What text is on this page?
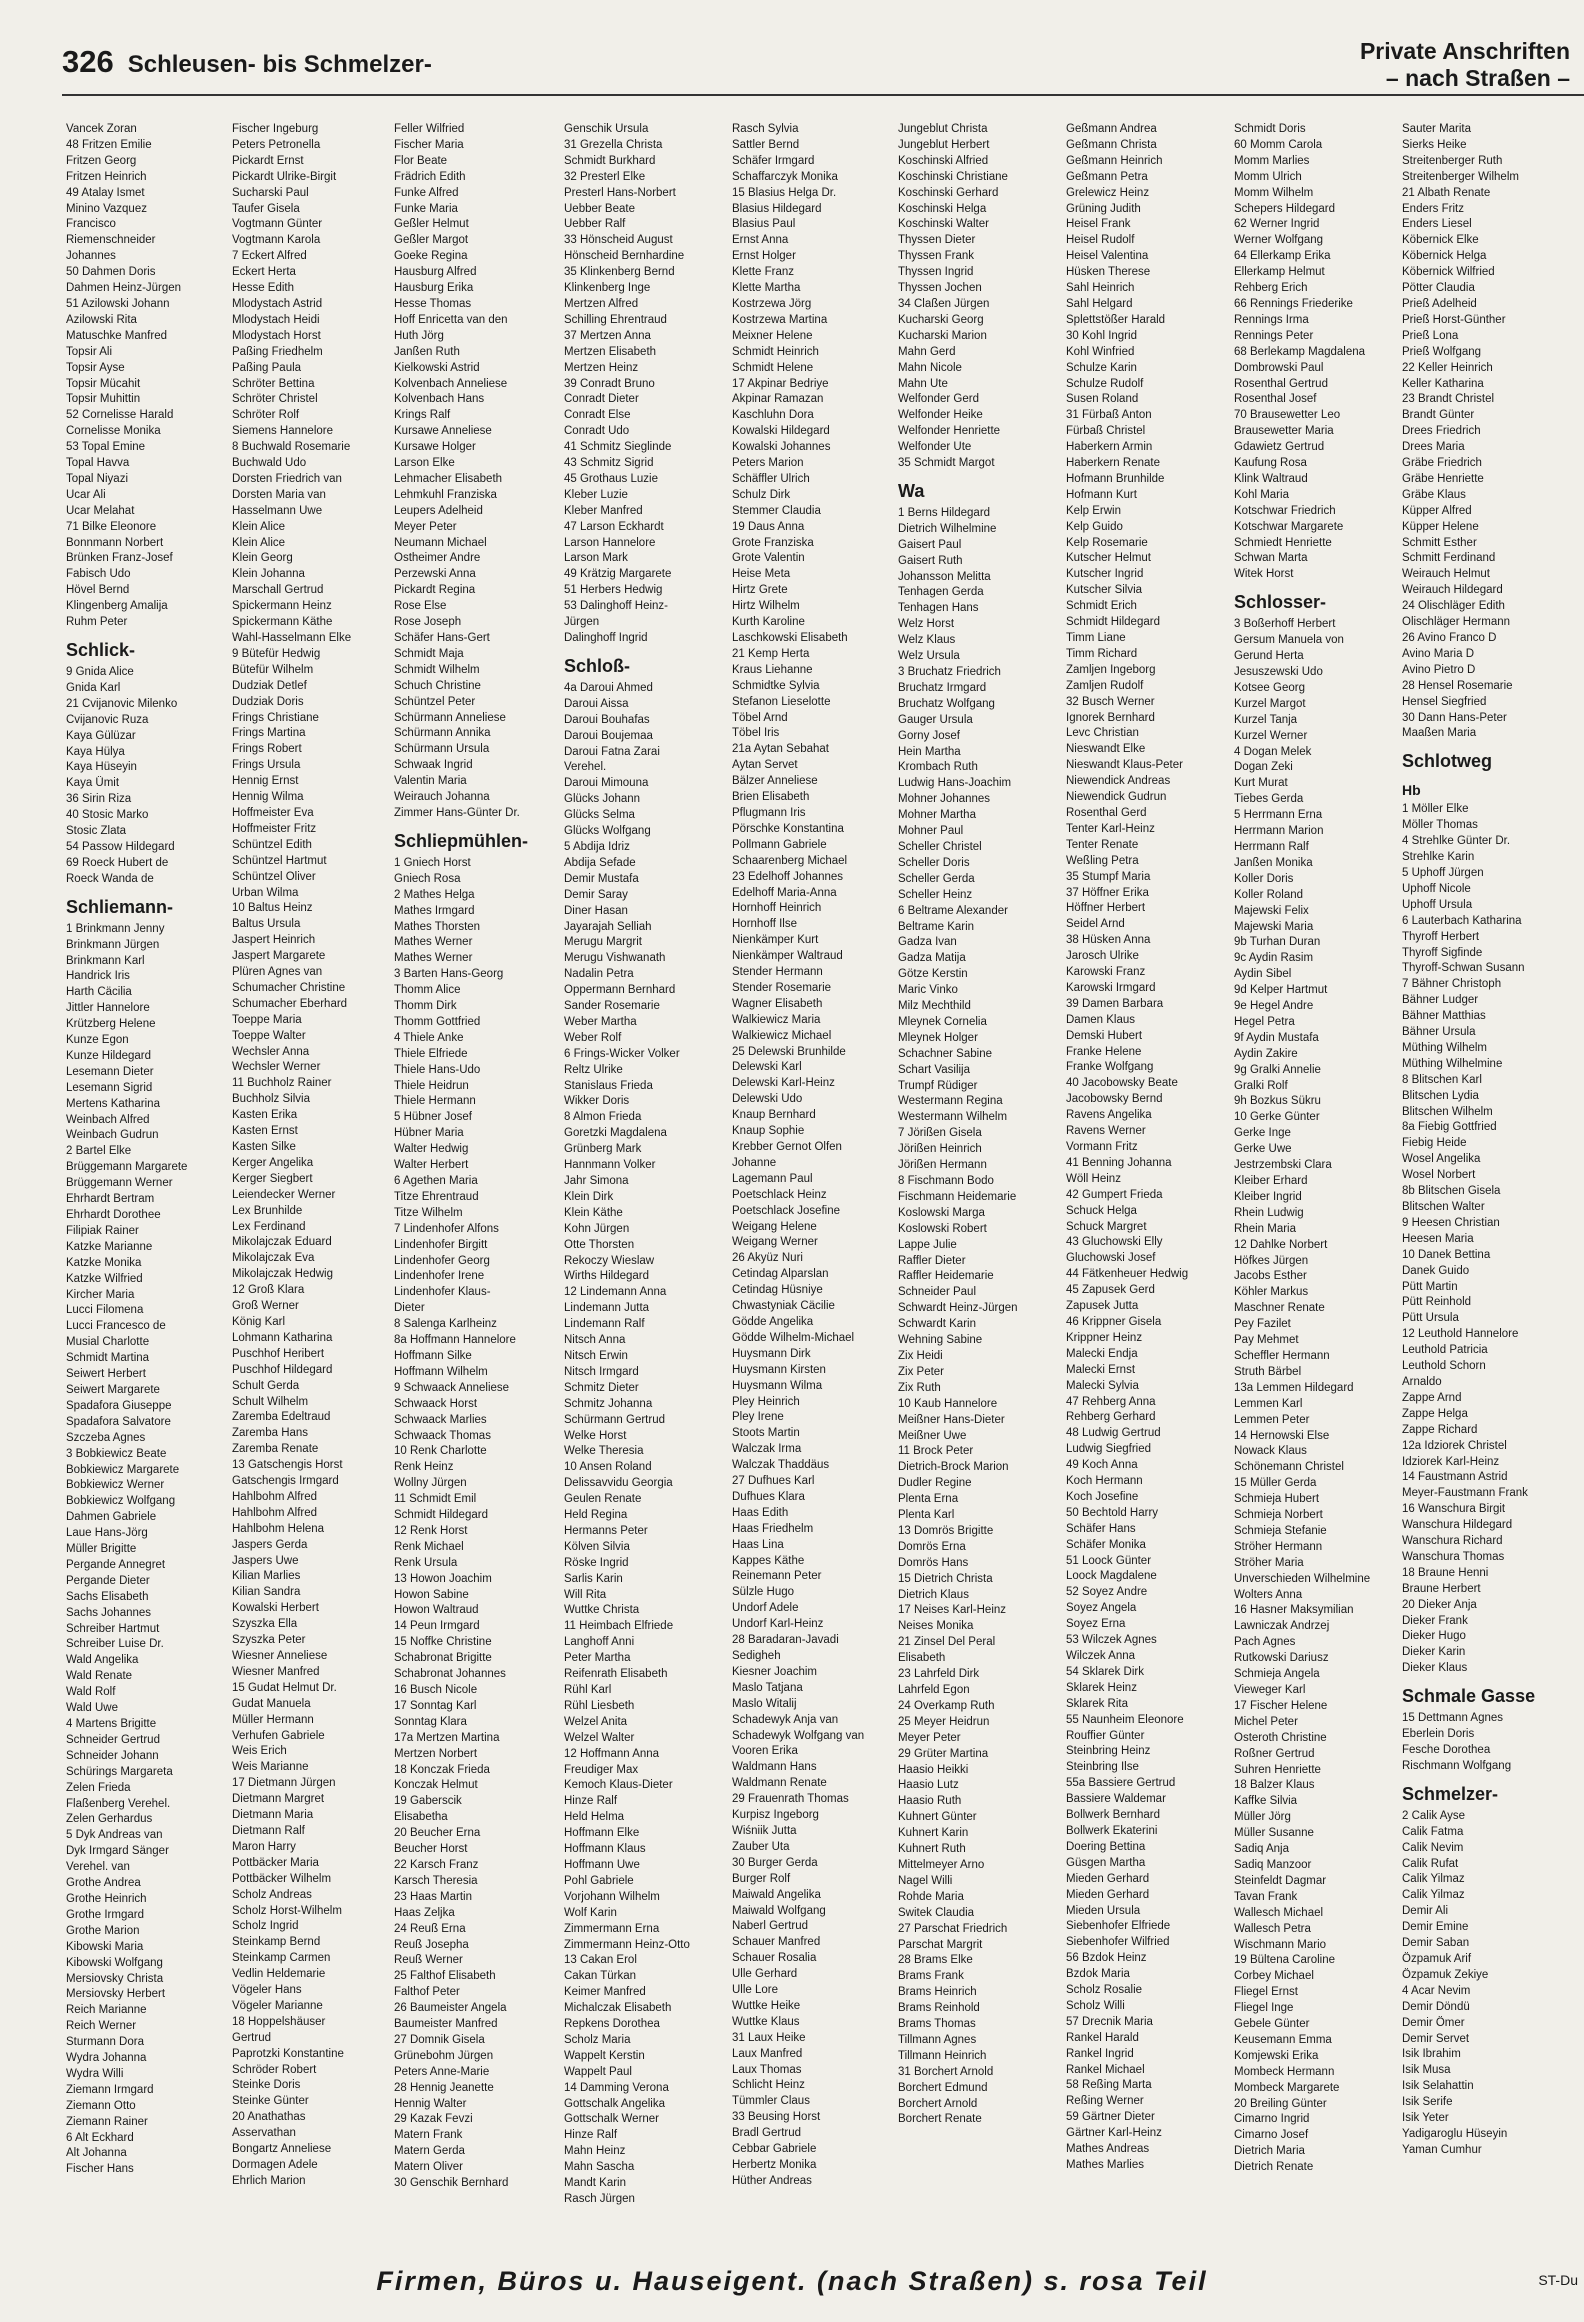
326 Schleusen- bis Schmelzer-	Private Anschriften
– nach Straßen –
Vancek Zoran
48 Fritzen Emilie
Fritzen Georg
Fritzen Heinrich
49 Atalay Ismet
Minino Vazquez
Francisco
Riemenschneider
Johannes
50 Dahmen Doris
Dahmen Heinz-Jürgen
51 Azilowski Johann
Azilowski Rita
Matuschke Manfred
Topsir Ali
Topsir Ayse
Topsir Mücahit
Topsir Muhittin
52 Cornelisse Harald
Cornelisse Monika
53 Topal Emine
Topal Havva
Topal Niyazi
Ucar Ali
Ucar Melahat
71 Bilke Eleonore
Bonnmann Norbert
Brünken Franz-Josef
Fabisch Udo
Hövel Bernd
Klingenberg Amalija
Ruhm Peter
Schlick-
9 Gnida Alice
Gnida Karl
21 Cvijanovic Milenko
Cvijanovic Ruza
Kaya Gülüzar
Kaya Hülya
Kaya Hüseyin
Kaya Ümit
36 Sirin Riza
40 Stosic Marko
Stosic Zlata
54 Passow Hildegard
69 Roeck Hubert de
Roeck Wanda de
Schliemann-
1 Brinkmann Jenny
Brinkmann Jürgen
Brinkmann Karl
Handrick Iris
Harth Cäcilia
Jittler Hannelore
Krützberg Helene
Kunze Egon
Kunze Hildegard
Lesemann Dieter
Lesemann Sigrid
Mertens Katharina
Weinbach Alfred
Weinbach Gudrun
2 Bartel Elke
Brüggemann Margarete
Brüggemann Werner
Ehrhardt Bertram
Ehrhardt Dorothee
Filipiak Rainer
Katzke Marianne
Katzke Monika
Katzke Wilfried
Kircher Maria
Lucci Filomena
Lucci Francesco de
Musial Charlotte
Schmidt Martina
Seiwert Herbert
Seiwert Margarete
Spadafora Giuseppe
Spadafora Salvatore
Szczeba Agnes
3 Bobkiewicz Beate
Bobkiewicz Margarete
Bobkiewicz Werner
Bobkiewicz Wolfgang
Dahmen Gabriele
Laue Hans-Jörg
Müller Brigitte
Pergande Annegret
Pergande Dieter
Sachs Elisabeth
Sachs Johannes
Schreiber Hartmut
Schreiber Luise Dr.
Wald Angelika
Wald Renate
Wald Rolf
Wald Uwe
4 Martens Brigitte
Schneider Gertrud
Schneider Johann
Schürings Margareta
Zelen Frieda
Flaßenberg Verehel.
Zelen Gerhardus
5 Dyk Andreas van
Dyk Irmgard Sänger
Verehel. van
Grothe Andrea
Grothe Heinrich
Grothe Irmgard
Grothe Marion
Kibowski Maria
Kibowski Wolfgang
Mersiovsky Christa
Mersiovsky Herbert
Reich Marianne
Reich Werner
Sturmann Dora
Wydra Johanna
Wydra Willi
Ziemann Irmgard
Ziemann Otto
Ziemann Rainer
6 Alt Eckhard
Alt Johanna
Fischer Hans
Fischer Ingeburg
Peters Petronella
Pickardt Ernst
Pickardt Ulrike-Birgit
Sucharski Paul
Taufer Gisela
Vogtmann Günter
Vogtmann Karola
7 Eckert Alfred
Eckert Herta
Hesse Edith
Mlodystach Astrid
Mlodystach Heidi
Mlodystach Horst
Paßing Friedhelm
Paßing Paula
Schröter Bettina
Schröter Christel
Schröter Rolf
Siemens Hannelore
8 Buchwald Rosemarie
Buchwald Udo
Dorsten Friedrich van
Dorsten Maria van
Hasselmann Uwe
Klein Alice
Klein Alice
Klein Georg
Klein Johanna
Marschall Gertrud
Spickermann Heinz
Spickermann Käthe
Wahl-Hasselmann Elke
9 Bütefür Hedwig
Bütefür Wilhelm
Dudziak Detlef
Dudziak Doris
Frings Christiane
Frings Martina
Frings Robert
Frings Ursula
Hennig Ernst
Hennig Wilma
Hoffmeister Eva
Hoffmeister Fritz
Schüntzel Edith
Schüntzel Hartmut
Schüntzel Oliver
Urban Wilma
10 Baltus Heinz
Baltus Ursula
Jaspert Heinrich
Jaspert Margarete
Plüren Agnes van
Schumacher Christine
Schumacher Eberhard
Toeppe Maria
Toeppe Walter
Wechsler Anna
Wechsler Werner
11 Buchholz Rainer
Buchholz Silvia
Kasten Erika
Kasten Ernst
Kasten Silke
Kerger Angelika
Kerger Siegbert
Leiendecker Werner
Lex Brunhilde
Lex Ferdinand
Mikolajczak Eduard
Mikolajczak Eva
Mikolajczak Hedwig
12 Groß Klara
Groß Werner
König Karl
Lohmann Katharina
Puschhof Heribert
Puschhof Hildegard
Schult Gerda
Schult Wilhelm
Zaremba Edeltraud
Zaremba Hans
Zaremba Renate
13 Gatschengis Horst
Gatschengis Irmgard
Hahlbohm Alfred
Hahlbohm Alfred
Hahlbohm Helena
Jaspers Gerda
Jaspers Uwe
Kilian Marlies
Kilian Sandra
Kowalski Herbert
Szyszka Ella
Szyszka Peter
Wiesner Anneliese
Wiesner Manfred
15 Gudat Helmut Dr.
Gudat Manuela
Müller Hermann
Verhufen Gabriele
Weis Erich
Weis Marianne
17 Dietmann Jürgen
Dietmann Margret
Dietmann Maria
Dietmann Ralf
Maron Harry
Pottbäcker Maria
Pottbäcker Wilhelm
Scholz Andreas
Scholz Horst-Wilhelm
Scholz Ingrid
Steinkamp Bernd
Steinkamp Carmen
Vedlin Heldemarie
Vögeler Hans
Vögeler Marianne
18 Hoppelshäuser
Gertrud
Paprotzki Konstantine
Schröder Robert
Steinke Doris
Steinke Günter
20 Anathathas
Asservathan
Bongartz Anneliese
Dormagen Adele
Ehrlich Marion
Feller Wilfried
Fischer Maria
Flor Beate
Frädrich Edith
Funke Alfred
Funke Maria
Geßler Helmut
Geßler Margot
Goeke Regina
Hausburg Alfred
Hausburg Erika
Hesse Thomas
Hoff Enricetta van den
Huth Jörg
Janßen Ruth
Kielkowski Astrid
Kolvenbach Anneliese
Kolvenbach Hans
Krings Ralf
Kursawe Anneliese
Kursawe Holger
Larson Elke
Lehmacher Elisabeth
Lehmkuhl Franziska
Leupers Adelheid
Meyer Peter
Neumann Michael
Ostheimer Andre
Perzewski Anna
Pickardt Regina
Rose Else
Rose Joseph
Schäfer Hans-Gert
Schmidt Maja
Schmidt Wilhelm
Schuch Christine
Schüntzel Peter
Schürmann Anneliese
Schürmann Annika
Schürmann Ursula
Schwaak Ingrid
Valentin Maria
Weirauch Johanna
Zimmer Hans-Günter Dr.
Schliepmühlen-
1 Gniech Horst
Gniech Rosa
2 Mathes Helga
Mathes Irmgard
Mathes Thorsten
Mathes Werner
Mathes Werner
3 Barten Hans-Georg
Thomm Alice
Thomm Dirk
Thomm Gottfried
4 Thiele Anke
Thiele Elfriede
Thiele Hans-Udo
Thiele Heidrun
Thiele Hermann
5 Hübner Josef
Hübner Maria
Walter Hedwig
Walter Herbert
6 Agethen Maria
Titze Ehrentraud
Titze Wilhelm
7 Lindenhofer Alfons
Lindenhofer Birgitt
Lindenhofer Georg
Lindenhofer Irene
Lindenhofer Klaus-
Dieter
8 Salenga Karlheinz
8a Hoffmann Hannelore
Hoffmann Silke
Hoffmann Wilhelm
9 Schwaack Anneliese
Schwaack Horst
Schwaack Marlies
Schwaack Thomas
10 Renk Charlotte
Renk Heinz
Wollny Jürgen
11 Schmidt Emil
Schmidt Hildegard
12 Renk Horst
Renk Michael
Renk Ursula
13 Howon Joachim
Howon Sabine
Howon Waltraud
14 Peun Irmgard
15 Noffke Christine
Schabronat Brigitte
Schabronat Johannes
16 Busch Nicole
17 Sonntag Karl
Sonntag Klara
17a Mertzen Martina
Mertzen Norbert
18 Konczak Frieda
Konczak Helmut
19 Gaberscik
Elisabetha
20 Beucher Erna
Beucher Horst
22 Karsch Franz
Karsch Theresia
23 Haas Martin
Haas Zeljka
24 Reuß Erna
Reuß Josepha
Reuß Werner
25 Falthof Elisabeth
Falthof Peter
26 Baumeister Angela
Baumeister Manfred
27 Domnik Gisela
Grünebohm Jürgen
Peters Anne-Marie
28 Hennig Jeanette
Hennig Walter
29 Kazak Fevzi
Matern Frank
Matern Gerda
Matern Oliver
30 Genschik Bernhard
Genschik Ursula
31 Grezella Christa
Schmidt Burkhard
32 Presterl Elke
Presterl Hans-Norbert
Uebber Beate
Uebber Ralf
33 Hönscheid August
Hönscheid Bernhardine
35 Klinkenberg Bernd
Klinkenberg Inge
Mertzen Alfred
Schilling Ehrentraud
37 Mertzen Anna
Mertzen Elisabeth
Mertzen Heinz
39 Conradt Bruno
Conradt Dieter
Conradt Else
Conradt Udo
41 Schmitz Sieglinde
43 Schmitz Sigrid
45 Grothaus Luzie
Kleber Luzie
Kleber Manfred
47 Larson Eckhardt
Larson Hannelore
Larson Mark
49 Krätzig Margarete
51 Herbers Hedwig
53 Dalinghoff Heinz-
Jürgen
Dalinghoff Ingrid
Schloß-
4a Daroui Ahmed
Daroui Aissa
Daroui Bouhafas
Daroui Boujemaa
Daroui Fatna Zarai
Verehel.
Daroui Mimouna
Glücks Johann
Glücks Selma
Glücks Wolfgang
5 Abdija Idriz
Abdija Sefade
Demir Mustafa
Demir Saray
Diner Hasan
Jayarajah Selliah
Merugu Margrit
Merugu Vishwanath
Nadalin Petra
Oppermann Bernhard
Sander Rosemarie
Weber Martha
Weber Rolf
6 Frings-Wicker Volker
Reltz Ulrike
Stanislaus Frieda
Wikker Doris
8 Almon Frieda
Goretzki Magdalena
Grünberg Mark
Hannmann Volker
Jahr Simona
Klein Dirk
Klein Käthe
Kohn Jürgen
Otte Thorsten
Rekoczy Wieslaw
Wirths Hildegard
12 Lindemann Anna
Lindemann Jutta
Lindemann Ralf
Nitsch Anna
Nitsch Erwin
Nitsch Irmgard
Schmitz Dieter
Schmitz Johanna
Schürmann Gertrud
Welke Horst
Welke Theresia
10 Ansen Roland
Delissavvidu Georgia
Geulen Renate
Held Regina
Hermanns Peter
Kölven Silvia
Röske Ingrid
Sarlis Karin
Will Rita
Wuttke Christa
11 Heimbach Elfriede
Langhoff Anni
Peter Martha
Reifenrath Elisabeth
Rühl Karl
Rühl Liesbeth
Welzel Anita
Welzel Walter
12 Hoffmann Anna
Freudiger Max
Kemoch Klaus-Dieter
Hinze Ralf
Held Helma
Hoffmann Elke
Hoffmann Klaus
Hoffmann Uwe
Pohl Gabriele
Vorjohann Wilhelm
Wolf Karin
Zimmermann Erna
Zimmermann Heinz-Otto
13 Cakan Erol
Cakan Türkan
Keimer Manfred
Michalczak Elisabeth
Repkens Dorothea
Scholz Maria
Wappelt Kerstin
Wappelt Paul
14 Damming Verona
Gottschalk Angelika
Gottschalk Werner
Hinze Ralf
Mahn Heinz
Mahn Sascha
Mandt Karin
Rasch Jürgen
Rasch Sylvia
Sattler Bernd
Schäfer Irmgard
Schaffarczyk Monika
15 Blasius Helga Dr.
Blasius Hildegard
Blasius Paul
Ernst Anna
Ernst Holger
Klette Franz
Klette Martha
Kostrzewa Jörg
Kostrzewa Martina
Meixner Helene
Schmidt Heinrich
Schmidt Helene
17 Akpinar Bedriye
Akpinar Ramazan
Kaschluhn Dora
Kowalski Hildegard
Kowalski Johannes
Peters Marion
Schäffler Ulrich
Schulz Dirk
Stemmer Claudia
19 Daus Anna
Grote Franziska
Grote Valentin
Heise Meta
Hirtz Grete
Hirtz Wilhelm
Kurth Karoline
Laschkowski Elisabeth
21 Kemp Herta
Kraus Liehanne
Schmidtke Sylvia
Stefanon Lieselotte
Töbel Arnd
Töbel Iris
21a Aytan Sebahat
Aytan Servet
Bälzer Anneliese
Brien Elisabeth
Pflugmann Iris
Pörschke Konstantina
Pollmann Gabriele
Schaarenberg Michael
23 Edelhoff Johannes
Edelhoff Maria-Anna
Hornhoff Heinrich
Hornhoff Ilse
Nienkämper Kurt
Nienkämper Waltraud
Stender Hermann
Stender Rosemarie
Wagner Elisabeth
Walkiewicz Maria
Walkiewicz Michael
25 Delewski Brunhilde
Delewski Karl
Delewski Karl-Heinz
Delewski Udo
Knaup Bernhard
Knaup Sophie
Krebber Gernot Olfen
Johanne
Lagemann Paul
Poetschlack Heinz
Poetschlack Josefine
Weigang Helene
Weigang Werner
26 Akyüz Nuri
Cetindag Alparslan
Cetindag Hüsniye
Chwastyniak Cäcilie
Gödde Angelika
Gödde Wilhelm-Michael
Huysmann Dirk
Huysmann Kirsten
Huysmann Wilma
Pley Heinrich
Pley Irene
Stoots Martin
Walczak Irma
Walczak Thaddäus
27 Dufhues Karl
Dufhues Klara
Haas Edith
Haas Friedhelm
Haas Lina
Kappes Käthe
Reinemann Peter
Sülzle Hugo
Undorf Adele
Undorf Karl-Heinz
28 Baradaran-Javadi
Sedigheh
Kiesner Joachim
Maslo Tatjana
Maslo Witalij
Schadewyk Anja van
Schadewyk Wolfgang van
Vooren Erika
Waldmann Hans
Waldmann Renate
29 Frauenrath Thomas
Kurpisz Ingeborg
Wiśniik Jutta
Zauber Uta
30 Burger Gerda
Burger Rolf
Maiwald Angelika
Maiwald Wolfgang
Naberl Gertrud
Schauer Manfred
Schauer Rosalia
Ulle Gerhard
Ulle Lore
Wuttke Heike
Wuttke Klaus
31 Laux Heike
Laux Manfred
Laux Thomas
Schlicht Heinz
Tümmler Claus
33 Beusing Horst
Bradl Gertrud
Cebbar Gabriele
Herbertz Monika
Hüther Andreas
Jungeblut Christa
Jungeblut Herbert
Koschinski Alfried
Koschinski Christiane
Koschinski Gerhard
Koschinski Helga
Koschinski Walter
Thyssen Dieter
Thyssen Frank
Thyssen Ingrid
Thyssen Jochen
34 Claßen Jürgen
Kucharski Georg
Kucharski Marion
Mahn Gerd
Mahn Nicole
Mahn Ute
Welfonder Gerd
Welfonder Heike
Welfonder Henriette
Welfonder Ute
35 Schmidt Margot
Wa
1 Berns Hildegard
Dietrich Wilhelmine
Gaisert Paul
Gaisert Ruth
Johansson Melitta
Tenhagen Gerda
Tenhagen Hans
Welz Horst
Welz Klaus
Welz Ursula
3 Bruchatz Friedrich
Bruchatz Irmgard
Bruchatz Wolfgang
Gauger Ursula
Gorny Josef
Hein Martha
Krombach Ruth
Ludwig Hans-Joachim
Mohner Johannes
Mohner Martha
Mohner Paul
Scheller Christel
Scheller Doris
Scheller Gerda
Scheller Heinz
6 Beltrame Alexander
Beltrame Karin
Gadza Ivan
Gadza Matija
Götze Kerstin
Maric Vinko
Milz Mechthild
Mleynek Cornelia
Mleynek Holger
Schachner Sabine
Schart Vasilija
Trumpf Rüdiger
Westermann Regina
Westermann Wilhelm
7 Jörißen Gisela
Jörißen Heinrich
Jörißen Hermann
8 Fischmann Bodo
Fischmann Heidemarie
Koslowski Marga
Koslowski Robert
Lappe Julie
Raffler Dieter
Raffler Heidemarie
Schneider Paul
Schwardt Heinz-Jürgen
Schwardt Karin
Wehning Sabine
Zix Heidi
Zix Peter
Zix Ruth
10 Kaub Hannelore
Meißner Hans-Dieter
Meißner Uwe
11 Brock Peter
Dietrich-Brock Marion
Dudler Regine
Plenta Erna
Plenta Karl
13 Domrös Brigitte
Domrös Erna
Domrös Hans
15 Dietrich Christa
Dietrich Klaus
17 Neises Karl-Heinz
Neises Monika
21 Zinsel Del Peral
Elisabeth
23 Lahrfeld Dirk
Lahrfeld Egon
24 Overkamp Ruth
25 Meyer Heidrun
Meyer Peter
29 Grüter Martina
Haasio Heikki
Haasio Lutz
Haasio Ruth
Kuhnert Günter
Kuhnert Karin
Kuhnert Ruth
Mittelmeyer Arno
Nagel Willi
Rohde Maria
Switek Claudia
27 Parschat Friedrich
Parschat Margrit
28 Brams Elke
Brams Frank
Brams Heinrich
Brams Reinhold
Brams Thomas
Tillmann Agnes
Tillmann Heinrich
31 Borchert Arnold
Borchert Edmund
Borchert Arnold
Borchert Renate
Geßmann Andrea
Geßmann Christa
Geßmann Heinrich
Geßmann Petra
Grelewicz Heinz
Grüning Judith
Heisel Frank
Heisel Rudolf
Heisel Valentina
Hüsken Therese
Sahl Heinrich
Sahl Helgard
Splettstößer Harald
30 Kohl Ingrid
Kohl Winfried
Schulze Karin
Schulze Rudolf
Susen Roland
31 Fürbaß Anton
Fürbaß Christel
Haberkern Armin
Haberkern Renate
Hofmann Brunhilde
Hofmann Kurt
Kelp Erwin
Kelp Guido
Kelp Rosemarie
Kutscher Helmut
Kutscher Ingrid
Kutscher Silvia
Schmidt Erich
Schmidt Hildegard
Timm Liane
Timm Richard
Zamljen Ingeborg
Zamljen Rudolf
32 Busch Werner
Ignorek Bernhard
Levc Christian
Nieswandt Elke
Nieswandt Klaus-Peter
Niewendick Andreas
Niewendick Gudrun
Rosenthal Gerd
Tenter Karl-Heinz
Tenter Renate
Weßling Petra
35 Stumpf Maria
37 Höffner Erika
Höffner Herbert
Seidel Arnd
38 Hüsken Anna
Jarosch Ulrike
Karowski Franz
Karowski Irmgard
39 Damen Barbara
Damen Klaus
Demski Hubert
Franke Helene
Franke Wolfgang
40 Jacobowsky Beate
Jacobowsky Bernd
Ravens Angelika
Ravens Werner
Vormann Fritz
41 Benning Johanna
Wöll Heinz
42 Gumpert Frieda
Schuck Helga
Schuck Margret
43 Gluchowski Elly
Gluchowski Josef
44 Fätkenheuer Hedwig
45 Zapusek Gerd
Zapusek Jutta
46 Krippner Gisela
Krippner Heinz
Malecki Endja
Malecki Ernst
Malecki Sylvia
47 Rehberg Anna
Rehberg Gerhard
48 Ludwig Gertrud
Ludwig Siegfried
49 Koch Anna
Koch Hermann
Koch Josefine
50 Bechtold Harry
Schäfer Hans
Schäfer Monika
51 Loock Günter
Loock Magdalene
52 Soyez Andre
Soyez Angela
Soyez Erna
53 Wilczek Agnes
Wilczek Anna
54 Sklarek Dirk
Sklarek Heinz
Sklarek Rita
55 Naunheim Eleonore
Rouffier Günter
Steinbring Heinz
Steinbring Ilse
55a Bassiere Gertrud
Bassiere Waldemar
Bollwerk Bernhard
Bollwerk Ekaterini
Doering Bettina
Güsgen Martha
Mieden Gerhard
Mieden Gerhard
Mieden Ursula
Siebenhofer Elfriede
Siebenhofer Wilfried
56 Bzdok Heinz
Bzdok Maria
Scholz Rosalie
Scholz Willi
57 Drecnik Maria
Rankel Harald
Rankel Ingrid
Rankel Michael
58 Reßing Marta
Reßing Werner
59 Gärtner Dieter
Gärtner Karl-Heinz
Mathes Andreas
Mathes Marlies
Schmidt Doris
60 Momm Carola
Momm Marlies
Momm Ulrich
Momm Wilhelm
Schepers Hildegard
62 Werner Ingrid
Werner Wolfgang
64 Ellerkamp Erika
Ellerkamp Helmut
Rehberg Erich
66 Rennings Friederike
Rennings Irma
Rennings Peter
68 Berlekamp Magdalena
Dombrowski Paul
Rosenthal Gertrud
Rosenthal Josef
70 Brausewetter Leo
Brausewetter Maria
Gdawietz Gertrud
Kaufung Rosa
Klink Waltraud
Kohl Maria
Kotschwar Friedrich
Kotschwar Margarete
Schmiedt Henriette
Schwan Marta
Witek Horst
Schlosser-
3 Boßerhoff Herbert
Gersum Manuela von
Gerund Herta
Jesuszewski Udo
Kotsee Georg
Kurzel Margot
Kurzel Tanja
Kurzel Werner
4 Dogan Melek
Dogan Zeki
Kurt Murat
Tiebes Gerda
5 Herrmann Erna
Herrmann Marion
Herrmann Ralf
Janßen Monika
Koller Doris
Koller Roland
Majewski Felix
Majewski Maria
9b Turhan Duran
9c Aydin Rasim
Aydin Sibel
9d Kelper Hartmut
9e Hegel Andre
Hegel Petra
9f Aydin Mustafa
Aydin Zakire
9g Gralki Annelie
Gralki Rolf
9h Bozkus Sükru
10 Gerke Günter
Gerke Inge
Gerke Uwe
Jestrzembski Clara
Kleiber Erhard
Kleiber Ingrid
Rhein Ludwig
Rhein Maria
12 Dahlke Norbert
Höfkes Jürgen
Jacobs Esther
Köhler Markus
Maschner Renate
Pey Fazilet
Pay Mehmet
Scheffler Hermann
Struth Bärbel
13a Lemmen Hildegard
Lemmen Karl
Lemmen Peter
14 Hernowski Else
Nowack Klaus
Schönemann Christel
15 Müller Gerda
Schmieja Hubert
Schmieja Norbert
Schmieja Stefanie
Ströher Hermann
Ströher Maria
Unverschieden Wilhelmine
Wolters Anna
16 Hasner Maksymilian
Lawniczak Andrzej
Pach Agnes
Rutkowski Dariusz
Schmieja Angela
Vieweger Karl
17 Fischer Helene
Michel Peter
Osteroth Christine
Roßner Gertrud
Suhren Henriette
18 Balzer Klaus
Kaffke Silvia
Müller Jörg
Müller Susanne
Sadiq Anja
Sadiq Manzoor
Steinfeldt Dagmar
Tavan Frank
Wallesch Michael
Wallesch Petra
Wischmann Mario
19 Bültena Caroline
Corbey Michael
Fliegel Ernst
Fliegel Inge
Gebele Günter
Keusemann Emma
Komjewski Erika
Mombeck Hermann
Mombeck Margarete
20 Breiling Günter
Cimarno Ingrid
Cimarno Josef
Dietrich Maria
Dietrich Renate
Sauter Marita
Sierks Heike
Streitenberger Ruth
Streitenberger Wilhelm
21 Albath Renate
Enders Fritz
Enders Liesel
Köbernick Elke
Köbernick Helga
Köbernick Wilfried
Pötter Claudia
Prieß Adelheid
Prieß Horst-Günther
Prieß Lona
Prieß Wolfgang
22 Keller Heinrich
Keller Katharina
23 Brandt Christel
Brandt Günter
Drees Friedrich
Drees Maria
Gräbe Friedrich
Gräbe Henriette
Gräbe Klaus
Küpper Alfred
Küpper Helene
Schmitt Esther
Schmitt Ferdinand
Weirauch Helmut
Weirauch Hildegard
24 Olischläger Edith
Olischläger Hermann
26 Avino Franco D
Avino Maria D
Avino Pietro D
28 Hensel Rosemarie
Hensel Siegfried
30 Dann Hans-Peter
Maaßen Maria
Schlotweg
Hb
1 Möller Elke
Möller Thomas
4 Strehlke Günter Dr.
Strehlke Karin
5 Uphoff Jürgen
Uphoff Nicole
Uphoff Ursula
6 Lauterbach Katharina
Thyroff Herbert
Thyroff Sigfinde
Thyroff-Schwan Susann
7 Bähner Christoph
Bähner Ludger
Bähner Matthias
Bähner Ursula
Müthing Wilhelm
Müthing Wilhelmine
8 Blitschen Karl
Blitschen Lydia
Blitschen Wilhelm
8a Fiebig Gottfried
Fiebig Heide
Wosel Angelika
Wosel Norbert
8b Blitschen Gisela
Blitschen Walter
9 Heesen Christian
Heesen Maria
10 Danek Bettina
Danek Guido
Pütt Martin
Pütt Reinhold
Pütt Ursula
12 Leuthold Hannelore
Leuthold Patricia
Leuthold Schorn
Arnaldo
Zappe Arnd
Zappe Helga
Zappe Richard
12a Idziorek Christel
Idziorek Karl-Heinz
14 Faustmann Astrid
Meyer-Faustmann Frank
16 Wanschura Birgit
Wanschura Hildegard
Wanschura Richard
Wanschura Thomas
18 Braune Henni
Braune Herbert
20 Dieker Anja
Dieker Frank
Dieker Hugo
Dieker Karin
Dieker Klaus
Schmale Gasse
15 Dettmann Agnes
Eberlein Doris
Fesche Dorothea
Rischmann Wolfgang
Schmelzer-
2 Calik Ayse
Calik Fatma
Calik Nevim
Calik Rufat
Calik Yilmaz
Calik Yilmaz
Demir Ali
Demir Emine
Demir Saban
Özpamuk Arif
Özpamuk Zekiye
4 Acar Nevim
Demir Döndü
Demir Ömer
Demir Servet
Isik Ibrahim
Isik Musa
Isik Selahattin
Isik Serife
Isik Yeter
Yadigaroglu Hüseyin
Yaman Cumhur
Firmen, Büros u. Hauseigent. (nach Straßen) s. rosa Teil	ST-Du
